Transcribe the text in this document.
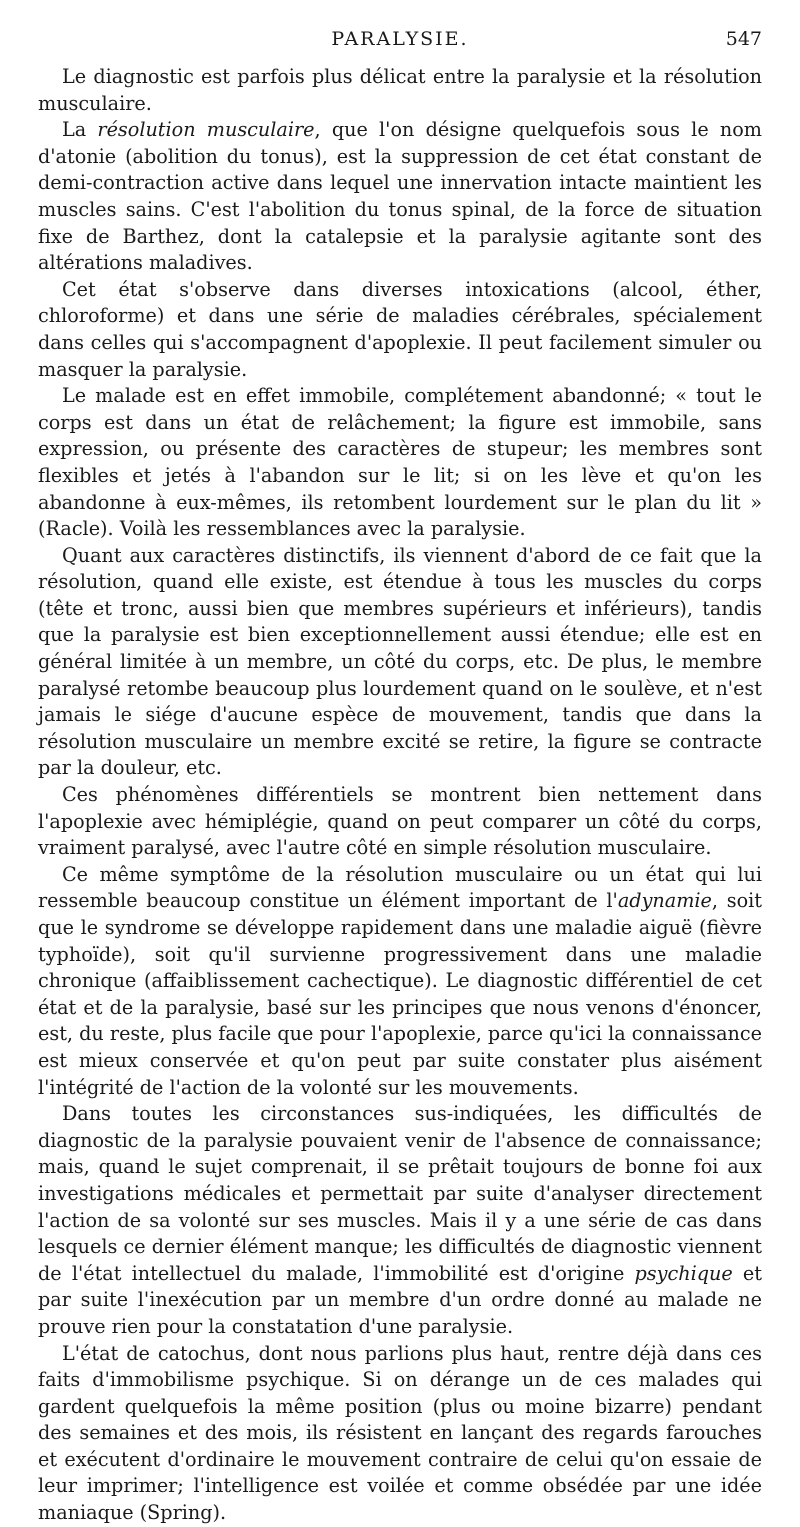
PARALYSIE.	547

Le diagnostic est parfois plus délicat entre la paralysie et la résolution musculaire.

La résolution musculaire, que l'on désigne quelquefois sous le nom d'atonie (abolition du tonus), est la suppression de cet état constant de demi-contraction active dans lequel une innervation intacte maintient les muscles sains. C'est l'abolition du tonus spinal, de la force de situation fixe de Barthez, dont la catalepsie et la paralysie agitante sont des altérations maladives.

Cet état s'observe dans diverses intoxications (alcool, éther, chloroforme) et dans une série de maladies cérébrales, spécialement dans celles qui s'accompagnent d'apoplexie. Il peut facilement simuler ou masquer la paralysie.

Le malade est en effet immobile, complétement abandonné; « tout le corps est dans un état de relâchement; la figure est immobile, sans expression, ou présente des caractères de stupeur; les membres sont flexibles et jetés à l'abandon sur le lit; si on les lève et qu'on les abandonne à eux-mêmes, ils retombent lourdement sur le plan du lit » (Racle). Voilà les ressemblances avec la paralysie.

Quant aux caractères distinctifs, ils viennent d'abord de ce fait que la résolution, quand elle existe, est étendue à tous les muscles du corps (tête et tronc, aussi bien que membres supérieurs et inférieurs), tandis que la paralysie est bien exceptionnellement aussi étendue; elle est en général limitée à un membre, un côté du corps, etc. De plus, le membre paralysé retombe beaucoup plus lourdement quand on le soulève, et n'est jamais le siége d'aucune espèce de mouvement, tandis que dans la résolution musculaire un membre excité se retire, la figure se contracte par la douleur, etc.

Ces phénomènes différentiels se montrent bien nettement dans l'apoplexie avec hémiplégie, quand on peut comparer un côté du corps, vraiment paralysé, avec l'autre côté en simple résolution musculaire.

Ce même symptôme de la résolution musculaire ou un état qui lui ressemble beaucoup constitue un élément important de l'adynamie, soit que le syndrome se développe rapidement dans une maladie aiguë (fièvre typhoïde), soit qu'il survienne progressivement dans une maladie chronique (affaiblissement cachectique). Le diagnostic différentiel de cet état et de la paralysie, basé sur les principes que nous venons d'énoncer, est, du reste, plus facile que pour l'apoplexie, parce qu'ici la connaissance est mieux conservée et qu'on peut par suite constater plus aisément l'intégrité de l'action de la volonté sur les mouvements.

Dans toutes les circonstances sus-indiquées, les difficultés de diagnostic de la paralysie pouvaient venir de l'absence de connaissance; mais, quand le sujet comprenait, il se prêtait toujours de bonne foi aux investigations médicales et permettait par suite d'analyser directement l'action de sa volonté sur ses muscles. Mais il y a une série de cas dans lesquels ce dernier élément manque; les difficultés de diagnostic viennent de l'état intellectuel du malade, l'immobilité est d'origine psychique et par suite l'inexécution par un membre d'un ordre donné au malade ne prouve rien pour la constatation d'une paralysie.

L'état de catochus, dont nous parlions plus haut, rentre déjà dans ces faits d'immobilisme psychique. Si on dérange un de ces malades qui gardent quelquefois la même position (plus ou moine bizarre) pendant des semaines et des mois, ils résistent en lançant des regards farouches et exécutent d'ordinaire le mouvement contraire de celui qu'on essaie de leur imprimer; l'intelligence est voilée et comme obsédée par une idée maniaque (Spring).
